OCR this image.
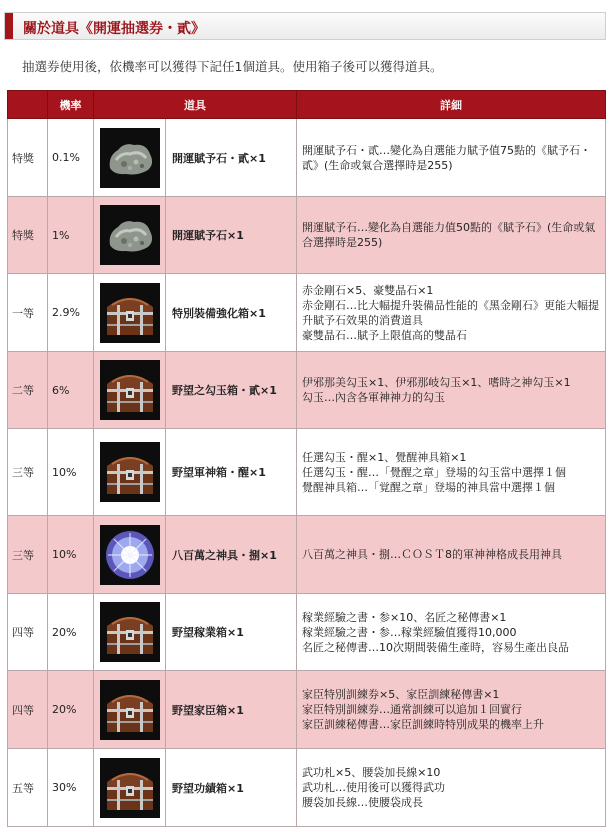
關於道具《開運抽選券・貳》
抽選券使用後，依機率可以獲得下記任1個道具。使用箱子後可以獲得道具。
	機率	道具		詳細
特獎	0.1%		開運賦予石・貳×1	開運賦予石・貳…變化為自選能力賦予值75點的《賦予石・貳》(生命或氣合選擇時是255)

特獎	1%		開運賦予石×1	開運賦予石…變化為自選能力值50點的《賦予石》(生命或氣合選擇時是255)

一等	2.9%		特別裝備強化箱×1	赤金剛石×5、豪雙晶石×1
赤金剛石…比大幅提升裝備品性能的《黑金剛石》更能大幅提升賦予石效果的消費道具
豪雙晶石…賦予上限值高的雙晶石

二等	6%		野望之勾玉箱・貳×1	伊邪那美勾玉×1、伊邪那岐勾玉×1、嗜時之神勾玉×1
勾玉…內含各軍神神力的勾玉

三等	10%		野望軍神箱・醒×1	任選勾玉・醒×1、覺醒神具箱×1
任選勾玉・醒…「覺醒之章」登場的勾玉當中選擇１個
覺醒神具箱…「覚醒之章」登場的神具當中選擇１個

三等	10%		八百萬之神具・捌×1	八百萬之神具・捌…ＣＯＳＴ8的軍神神格成長用神具

四等	20%		野望稼業箱×1	稼業經驗之書・参×10、名匠之秘傳書×1
稼業經驗之書・参…稼業經驗值獲得10,000
名匠之秘傳書…10次期間裝備生產時，容易生產出良品

四等	20%		野望家臣箱×1	家臣特別訓練券×5、家臣訓練秘傳書×1
家臣特別訓練券…通常訓練可以追加１回實行
家臣訓練秘傳書…家臣訓練時特別成果的機率上升

五等	30%		野望功績箱×1	武功札×5、腰袋加長線×10
武功札…使用後可以獲得武功
腰袋加長線…使腰袋成長
